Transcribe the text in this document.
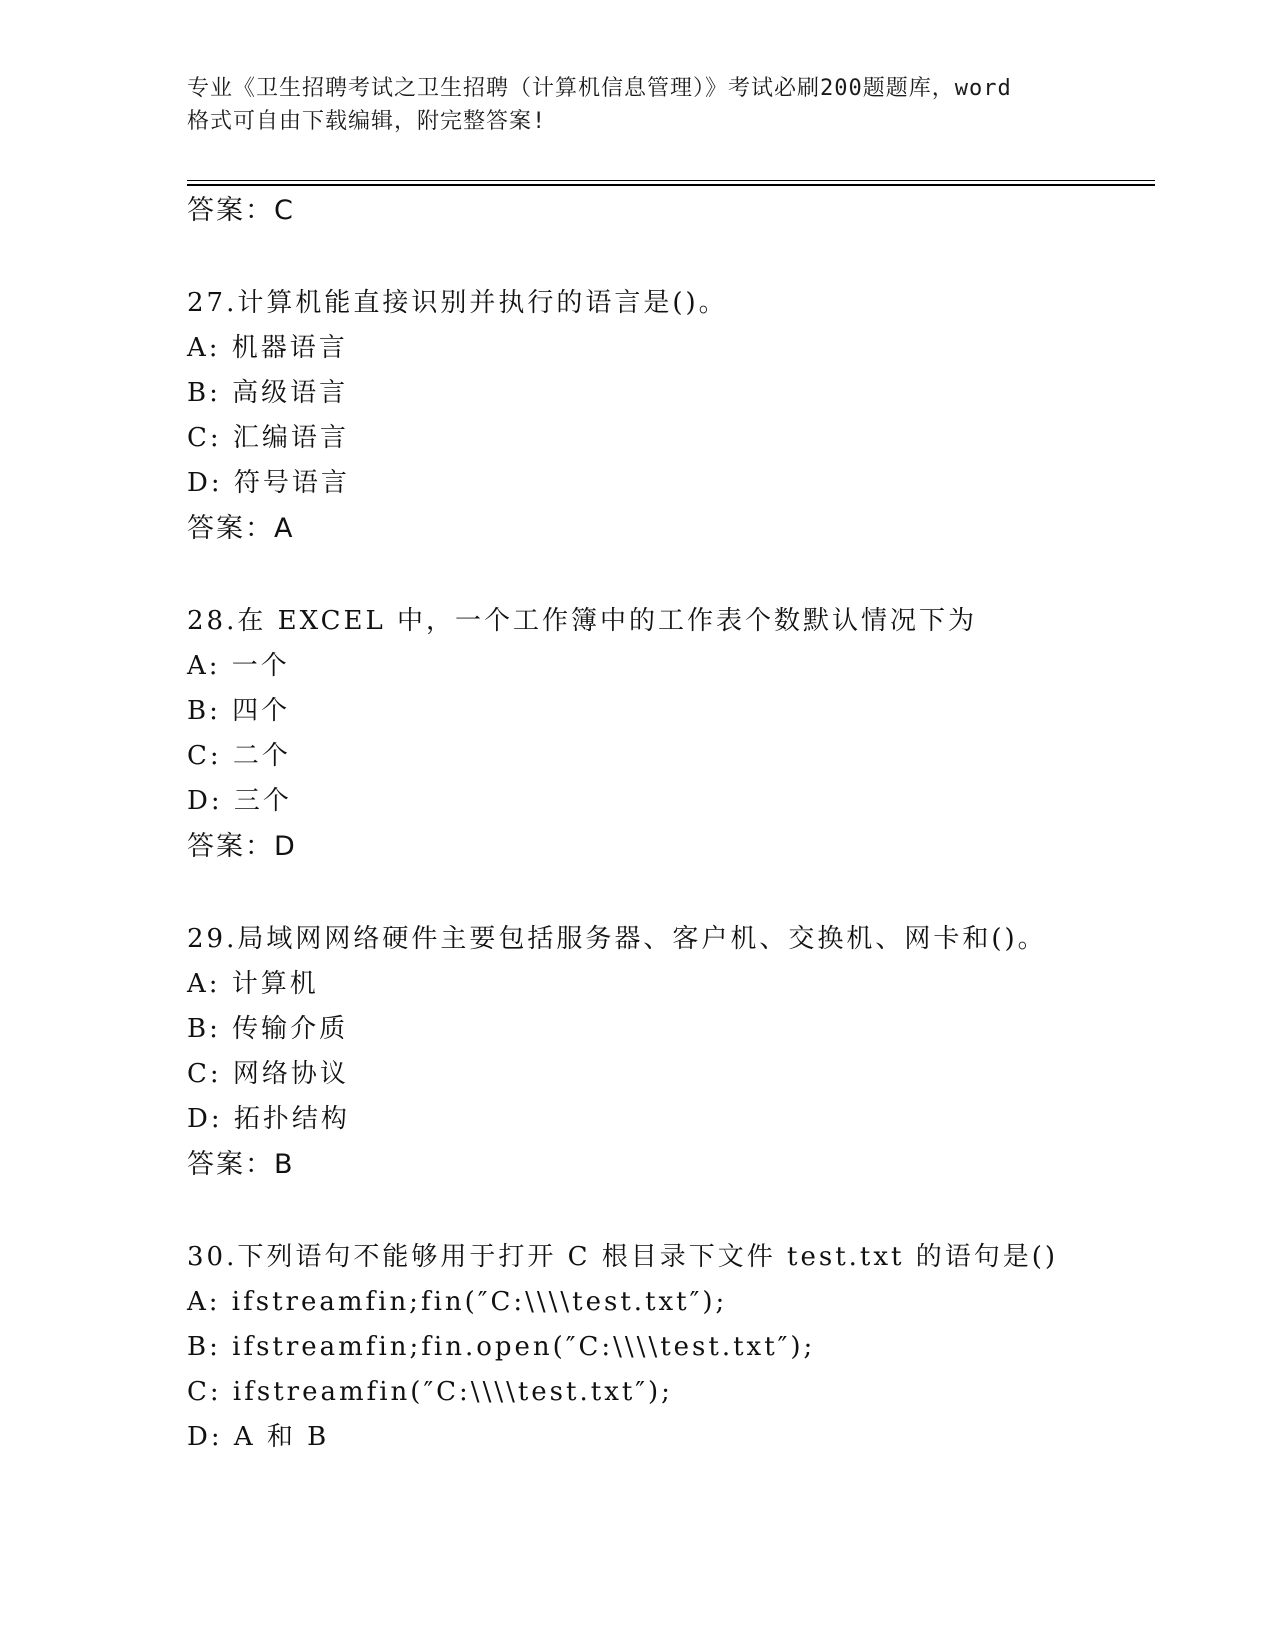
专业《卫生招聘考试之卫生招聘（计算机信息管理）》考试必刷200题题库，word
格式可自由下载编辑，附完整答案!
答案：C
27.计算机能直接识别并执行的语言是()。
A: 机器语言
B: 高级语言
C: 汇编语言
D: 符号语言
答案：A
28.在 EXCEL 中，一个工作簿中的工作表个数默认情况下为
A: 一个
B: 四个
C: 二个
D: 三个
答案：D
29.局域网网络硬件主要包括服务器、客户机、交换机、网卡和()。
A: 计算机
B: 传输介质
C: 网络协议
D: 拓扑结构
答案：B
30.下列语句不能够用于打开 C 根目录下文件 test.txt 的语句是()
A: ifstreamfin;fin(″C:\\\\test.txt″);
B: ifstreamfin;fin.open(″C:\\\\test.txt″);
C: ifstreamfin(″C:\\\\test.txt″);
D: A 和 B
